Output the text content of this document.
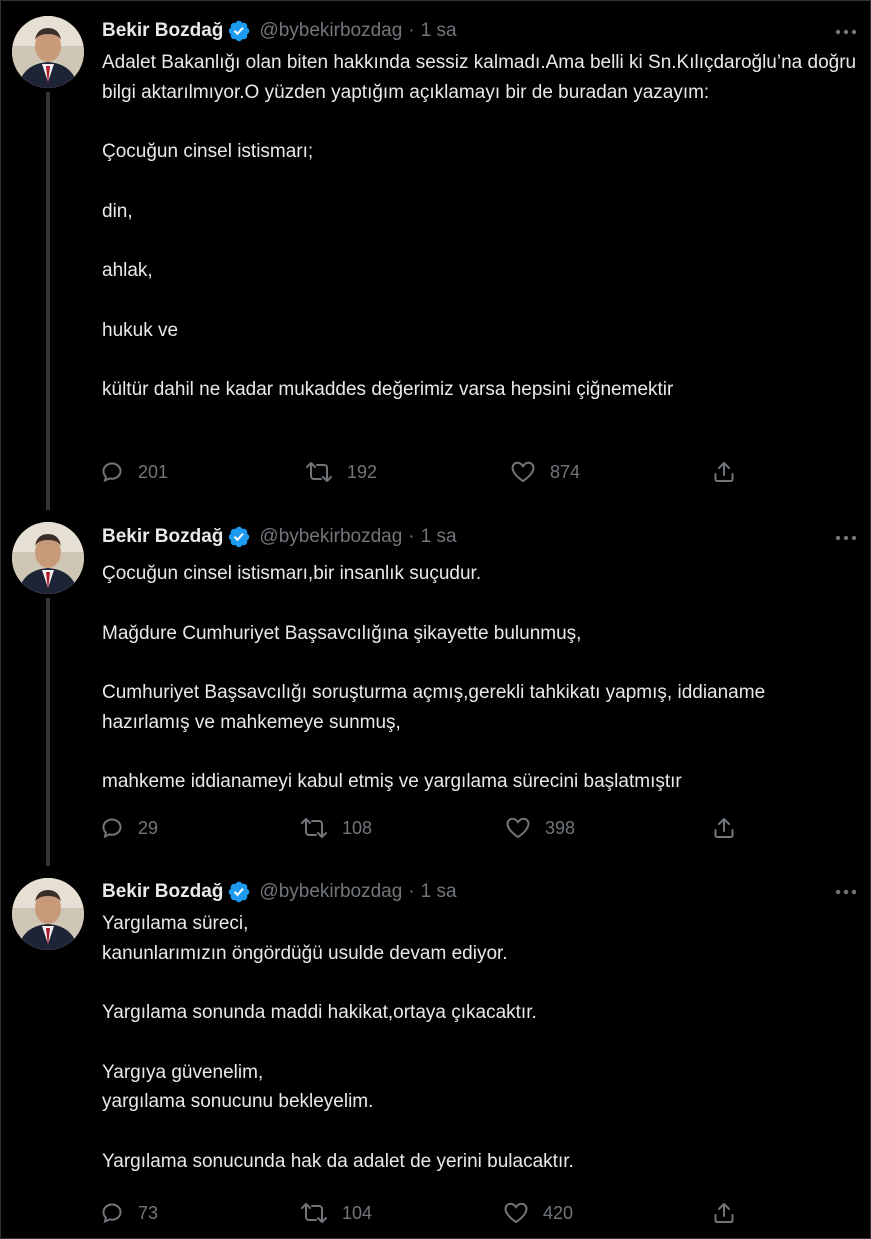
Bekir Bozdağ @bybekirbozdag · 1 sa

Adalet Bakanlığı olan biten hakkında sessiz kalmadı.Ama belli ki Sn.Kılıçdaroğlu’na doğru bilgi aktarılmıyor.O yüzden yaptığım açıklamayı bir de buradan yazayım:

Çocuğun cinsel istismarı;

din,

ahlak,

hukuk ve

kültür dahil ne kadar mukaddes değerimiz varsa hepsini çiğnemektir

201	192	874
Bekir Bozdağ @bybekirbozdag · 1 sa

Çocuğun cinsel istismarı,bir insanlık suçudur.

Mağdure Cumhuriyet Başsavcılığına şikayette bulunmuş,

Cumhuriyet Başsavcılığı soruşturma açmış,gerekli tahkikatı yapmış, iddianame hazırlamış ve mahkemeye sunmuş,

mahkeme iddianameyi kabul etmiş ve yargılama sürecini başlatmıştır

29	108	398
Bekir Bozdağ @bybekirbozdag · 1 sa

Yargılama süreci,

kanunlarımızın öngördüğü usulde devam ediyor.

Yargılama sonunda maddi hakikat,ortaya çıkacaktır.

Yargıya güvenelim,

yargılama sonucunu bekleyelim.

Yargılama sonucunda hak da adalet de yerini bulacaktır.

73	104	420
